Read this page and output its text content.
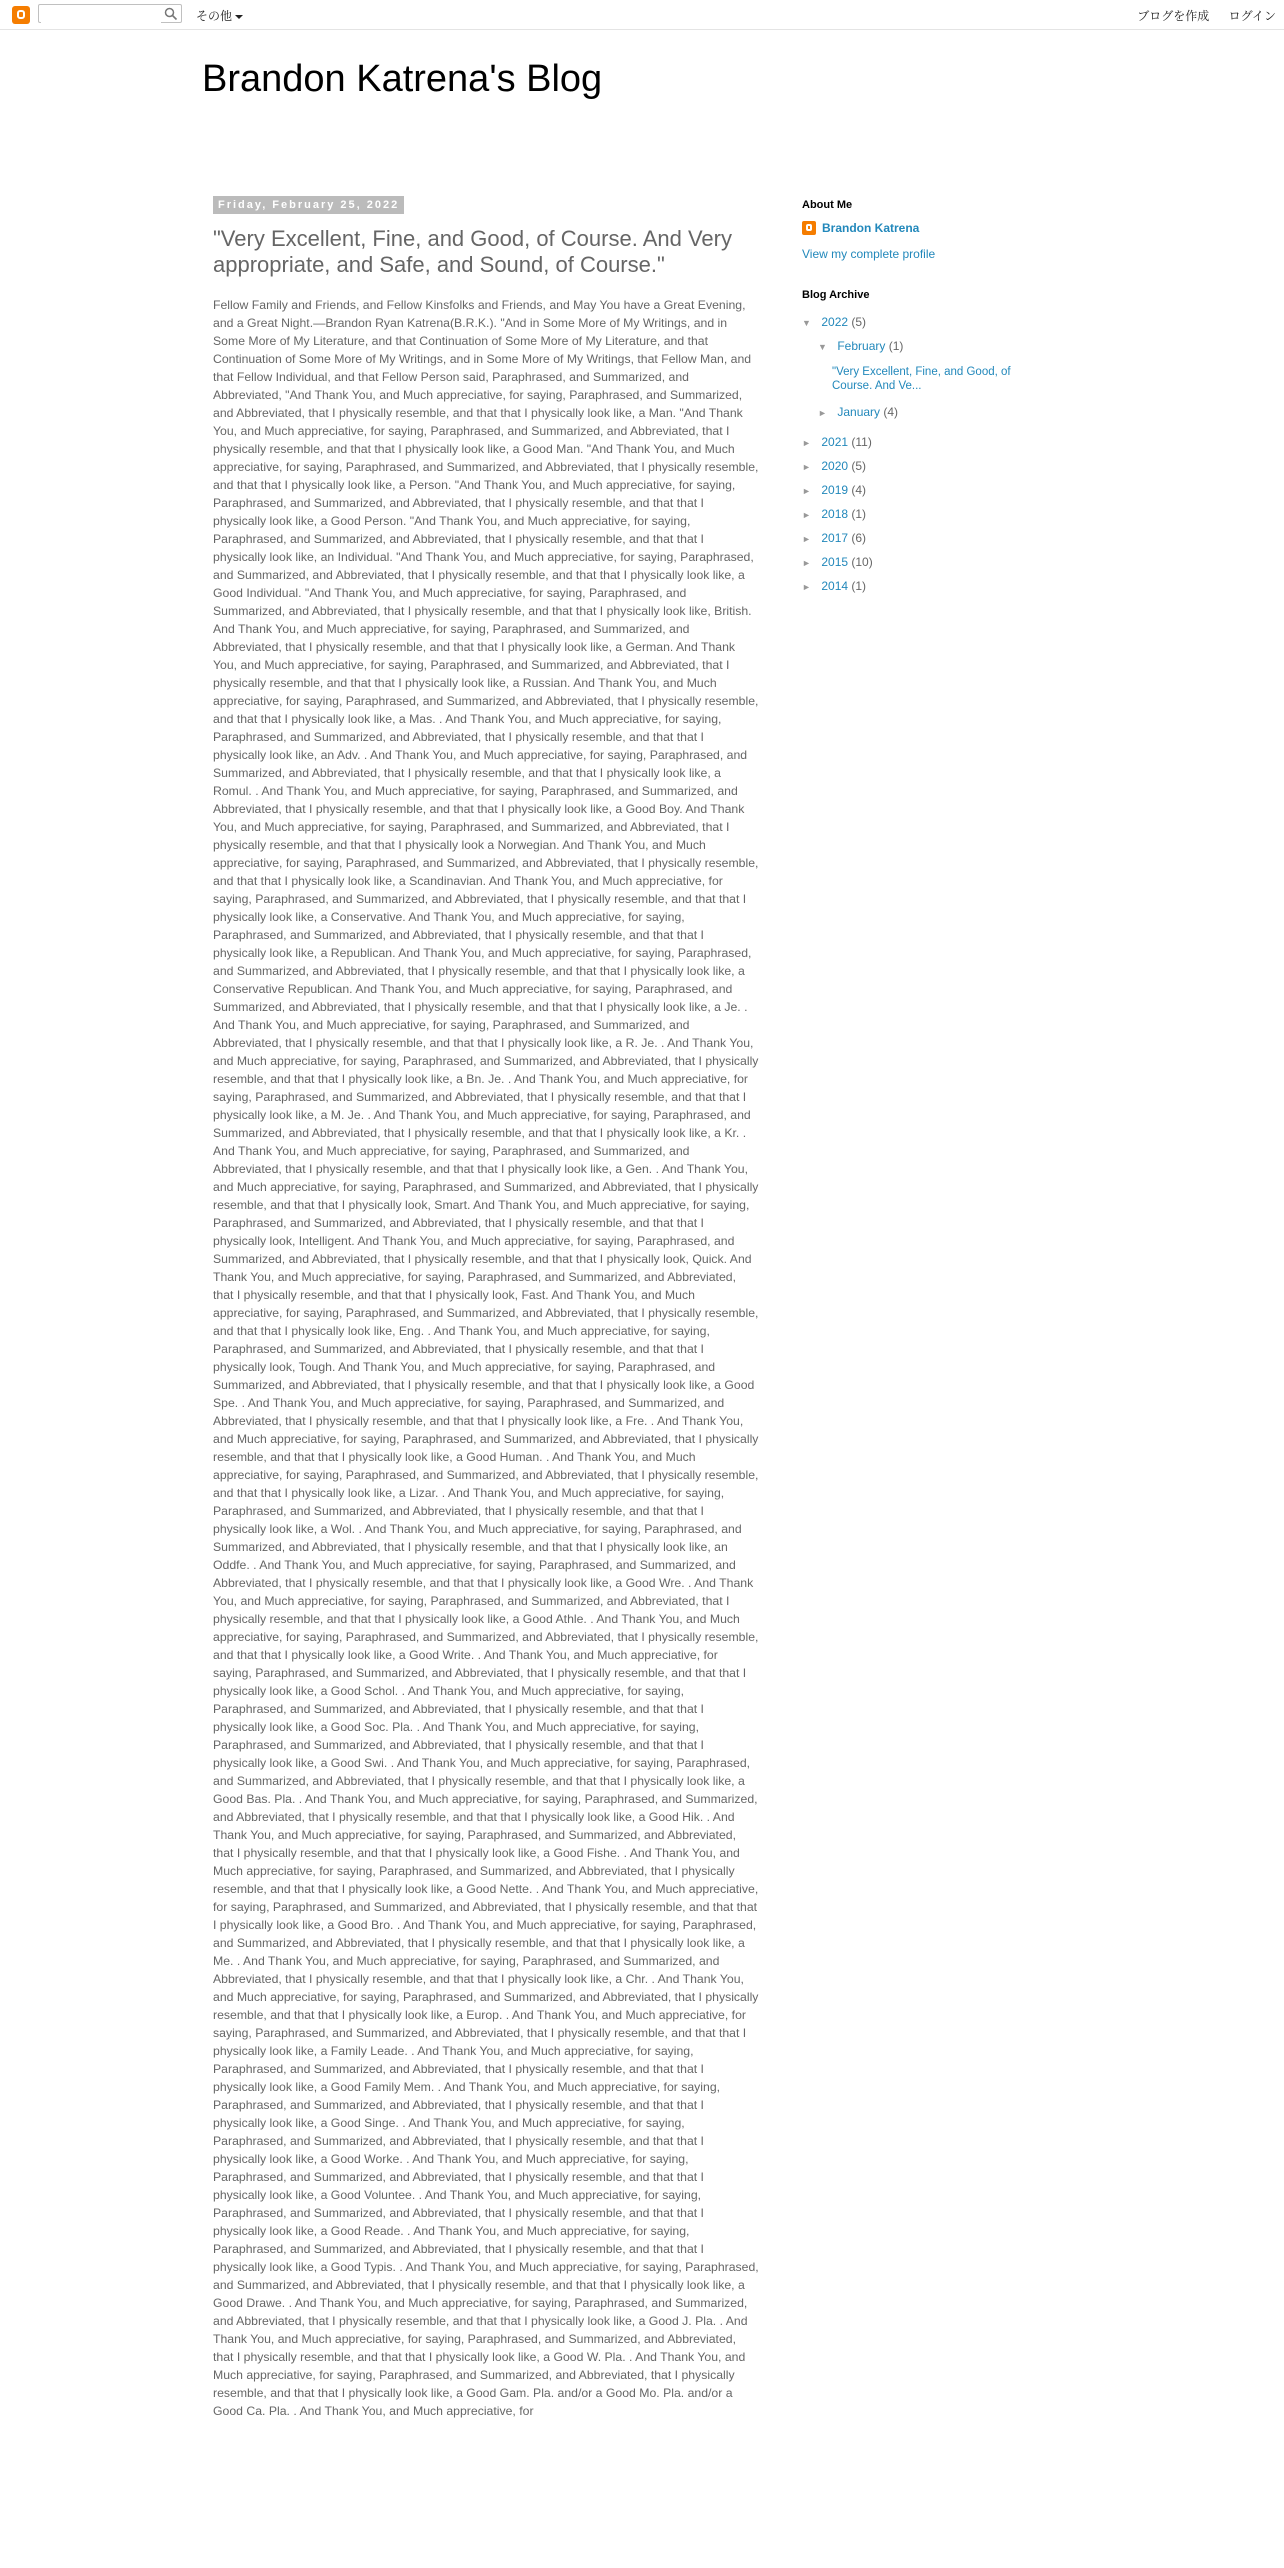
その他	ブログを作成 ログイン
Brandon Katrena's Blog
Friday, February 25, 2022
"Very Excellent, Fine, and Good, of Course. And Very appropriate, and Safe, and Sound, of Course."

Fellow Family and Friends, and Fellow Kinsfolks and Friends, and May You have a Great Evening, and a Great Night.—Brandon Ryan Katrena(B.R.K.). "And in Some More of My Writings, and in Some More of My Literature, and that Continuation of Some More of My Literature, and that Continuation of Some More of My Writings, and in Some More of My Writings, that Fellow Man, and that Fellow Individual, and that Fellow Person said, Paraphrased, and Summarized, and Abbreviated, "And Thank You, and Much appreciative, for saying, Paraphrased, and Summarized, and Abbreviated, that I physically resemble, and that that I physically look like, a Man. "And Thank You, and Much appreciative, for saying, Paraphrased, and Summarized, and Abbreviated, that I physically resemble, and that that I physically look like, a Good Man. "And Thank You, and Much appreciative, for saying, Paraphrased, and Summarized, and Abbreviated, that I physically resemble, and that that I physically look like, a Person. "And Thank You, and Much appreciative, for saying, Paraphrased, and Summarized, and Abbreviated, that I physically resemble, and that that I physically look like, a Good Person. "And Thank You, and Much appreciative, for saying, Paraphrased, and Summarized, and Abbreviated, that I physically resemble, and that that I physically look like, an Individual. "And Thank You, and Much appreciative, for saying, Paraphrased, and Summarized, and Abbreviated, that I physically resemble, and that that I physically look like, a Good Individual. "And Thank You, and Much appreciative, for saying, Paraphrased, and Summarized, and Abbreviated, that I physically resemble, and that that I physically look like, British. And Thank You, and Much appreciative, for saying, Paraphrased, and Summarized, and Abbreviated, that I physically resemble, and that that I physically look like, a German. And Thank You, and Much appreciative, for saying, Paraphrased, and Summarized, and Abbreviated, that I physically resemble, and that that I physically look like, a Russian. And Thank You, and Much appreciative, for saying, Paraphrased, and Summarized, and Abbreviated, that I physically resemble, and that that I physically look like, a Mas. . And Thank You, and Much appreciative, for saying, Paraphrased, and Summarized, and Abbreviated, that I physically resemble, and that that I physically look like, an Adv. . And Thank You, and Much appreciative, for saying, Paraphrased, and Summarized, and Abbreviated, that I physically resemble, and that that I physically look like, a Romul. . And Thank You, and Much appreciative, for saying, Paraphrased, and Summarized, and Abbreviated, that I physically resemble, and that that I physically look like, a Good Boy. And Thank You, and Much appreciative, for saying, Paraphrased, and Summarized, and Abbreviated, that I physically resemble, and that that I physically look a Norwegian. And Thank You, and Much appreciative, for saying, Paraphrased, and Summarized, and Abbreviated, that I physically resemble, and that that I physically look like, a Scandinavian. And Thank You, and Much appreciative, for saying, Paraphrased, and Summarized, and Abbreviated, that I physically resemble, and that that I physically look like, a Conservative. And Thank You, and Much appreciative, for saying, Paraphrased, and Summarized, and Abbreviated, that I physically resemble, and that that I physically look like, a Republican. And Thank You, and Much appreciative, for saying, Paraphrased, and Summarized, and Abbreviated, that I physically resemble, and that that I physically look like, a Conservative Republican. And Thank You, and Much appreciative, for saying, Paraphrased, and Summarized, and Abbreviated, that I physically resemble, and that that I physically look like, a Je. . And Thank You, and Much appreciative, for saying, Paraphrased, and Summarized, and Abbreviated, that I physically resemble, and that that I physically look like, a R. Je. . And Thank You, and Much appreciative, for saying, Paraphrased, and Summarized, and Abbreviated, that I physically resemble, and that that I physically look like, a Bn. Je. . And Thank You, and Much appreciative, for saying, Paraphrased, and Summarized, and Abbreviated, that I physically resemble, and that that I physically look like, a M. Je. . And Thank You, and Much appreciative, for saying, Paraphrased, and Summarized, and Abbreviated, that I physically resemble, and that that I physically look like, a Kr. . And Thank You, and Much appreciative, for saying, Paraphrased, and Summarized, and Abbreviated, that I physically resemble, and that that I physically look like, a Gen. . And Thank You, and Much appreciative, for saying, Paraphrased, and Summarized, and Abbreviated, that I physically resemble, and that that I physically look, Smart. And Thank You, and Much appreciative, for saying, Paraphrased, and Summarized, and Abbreviated, that I physically resemble, and that that I physically look, Intelligent. And Thank You, and Much appreciative, for saying, Paraphrased, and Summarized, and Abbreviated, that I physically resemble, and that that I physically look, Quick. And Thank You, and Much appreciative, for saying, Paraphrased, and Summarized, and Abbreviated, that I physically resemble, and that that I physically look, Fast. And Thank You, and Much appreciative, for saying, Paraphrased, and Summarized, and Abbreviated, that I physically resemble, and that that I physically look like, Eng. . And Thank You, and Much appreciative, for saying, Paraphrased, and Summarized, and Abbreviated, that I physically resemble, and that that I physically look, Tough. And Thank You, and Much appreciative, for saying, Paraphrased, and Summarized, and Abbreviated, that I physically resemble, and that that I physically look like, a Good Spe. . And Thank You, and Much appreciative, for saying, Paraphrased, and Summarized, and Abbreviated, that I physically resemble, and that that I physically look like, a Fre. . And Thank You, and Much appreciative, for saying, Paraphrased, and Summarized, and Abbreviated, that I physically resemble, and that that I physically look like, a Good Human. . And Thank You, and Much appreciative, for saying, Paraphrased, and Summarized, and Abbreviated, that I physically resemble, and that that I physically look like, a Lizar. . And Thank You, and Much appreciative, for saying, Paraphrased, and Summarized, and Abbreviated, that I physically resemble, and that that I physically look like, a Wol. . And Thank You, and Much appreciative, for saying, Paraphrased, and Summarized, and Abbreviated, that I physically resemble, and that that I physically look like, an Oddfe. . And Thank You, and Much appreciative, for saying, Paraphrased, and Summarized, and Abbreviated, that I physically resemble, and that that I physically look like, a Good Wre. . And Thank You, and Much appreciative, for saying, Paraphrased, and Summarized, and Abbreviated, that I physically resemble, and that that I physically look like, a Good Athle. . And Thank You, and Much appreciative, for saying, Paraphrased, and Summarized, and Abbreviated, that I physically resemble, and that that I physically look like, a Good Write. . And Thank You, and Much appreciative, for saying, Paraphrased, and Summarized, and Abbreviated, that I physically resemble, and that that I physically look like, a Good Schol. . And Thank You, and Much appreciative, for saying, Paraphrased, and Summarized, and Abbreviated, that I physically resemble, and that that I physically look like, a Good Soc. Pla. . And Thank You, and Much appreciative, for saying, Paraphrased, and Summarized, and Abbreviated, that I physically resemble, and that that I physically look like, a Good Swi. . And Thank You, and Much appreciative, for saying, Paraphrased, and Summarized, and Abbreviated, that I physically resemble, and that that I physically look like, a Good Bas. Pla. . And Thank You, and Much appreciative, for saying, Paraphrased, and Summarized, and Abbreviated, that I physically resemble, and that that I physically look like, a Good Hik. . And Thank You, and Much appreciative, for saying, Paraphrased, and Summarized, and Abbreviated, that I physically resemble, and that that I physically look like, a Good Fishe. . And Thank You, and Much appreciative, for saying, Paraphrased, and Summarized, and Abbreviated, that I physically resemble, and that that I physically look like, a Good Nette. . And Thank You, and Much appreciative, for saying, Paraphrased, and Summarized, and Abbreviated, that I physically resemble, and that that I physically look like, a Good Bro. . And Thank You, and Much appreciative, for saying, Paraphrased, and Summarized, and Abbreviated, that I physically resemble, and that that I physically look like, a Me. . And Thank You, and Much appreciative, for saying, Paraphrased, and Summarized, and Abbreviated, that I physically resemble, and that that I physically look like, a Chr. . And Thank You, and Much appreciative, for saying, Paraphrased, and Summarized, and Abbreviated, that I physically resemble, and that that I physically look like, a Europ. . And Thank You, and Much appreciative, for saying, Paraphrased, and Summarized, and Abbreviated, that I physically resemble, and that that I physically look like, a Family Leade. . And Thank You, and Much appreciative, for saying, Paraphrased, and Summarized, and Abbreviated, that I physically resemble, and that that I physically look like, a Good Family Mem. . And Thank You, and Much appreciative, for saying, Paraphrased, and Summarized, and Abbreviated, that I physically resemble, and that that I physically look like, a Good Singe. . And Thank You, and Much appreciative, for saying, Paraphrased, and Summarized, and Abbreviated, that I physically resemble, and that that I physically look like, a Good Worke. . And Thank You, and Much appreciative, for saying, Paraphrased, and Summarized, and Abbreviated, that I physically resemble, and that that I physically look like, a Good Voluntee. . And Thank You, and Much appreciative, for saying, Paraphrased, and Summarized, and Abbreviated, that I physically resemble, and that that I physically look like, a Good Reade. . And Thank You, and Much appreciative, for saying, Paraphrased, and Summarized, and Abbreviated, that I physically resemble, and that that I physically look like, a Good Typis. . And Thank You, and Much appreciative, for saying, Paraphrased, and Summarized, and Abbreviated, that I physically resemble, and that that I physically look like, a Good Drawe. . And Thank You, and Much appreciative, for saying, Paraphrased, and Summarized, and Abbreviated, that I physically resemble, and that that I physically look like, a Good J. Pla. . And Thank You, and Much appreciative, for saying, Paraphrased, and Summarized, and Abbreviated, that I physically resemble, and that that I physically look like, a Good W. Pla. . And Thank You, and Much appreciative, for saying, Paraphrased, and Summarized, and Abbreviated, that I physically resemble, and that that I physically look like, a Good Gam. Pla. and/or a Good Mo. Pla. and/or a Good Ca. Pla. . And Thank You, and Much appreciative, for

About Me
Brandon Katrena
View my complete profile
Blog Archive
▼ 2022 (5)
▼ February (1)
"Very Excellent, Fine, and Good, of Course. And Ve...
► January (4)
► 2021 (11)
► 2020 (5)
► 2019 (4)
► 2018 (1)
► 2017 (6)
► 2015 (10)
► 2014 (1)
